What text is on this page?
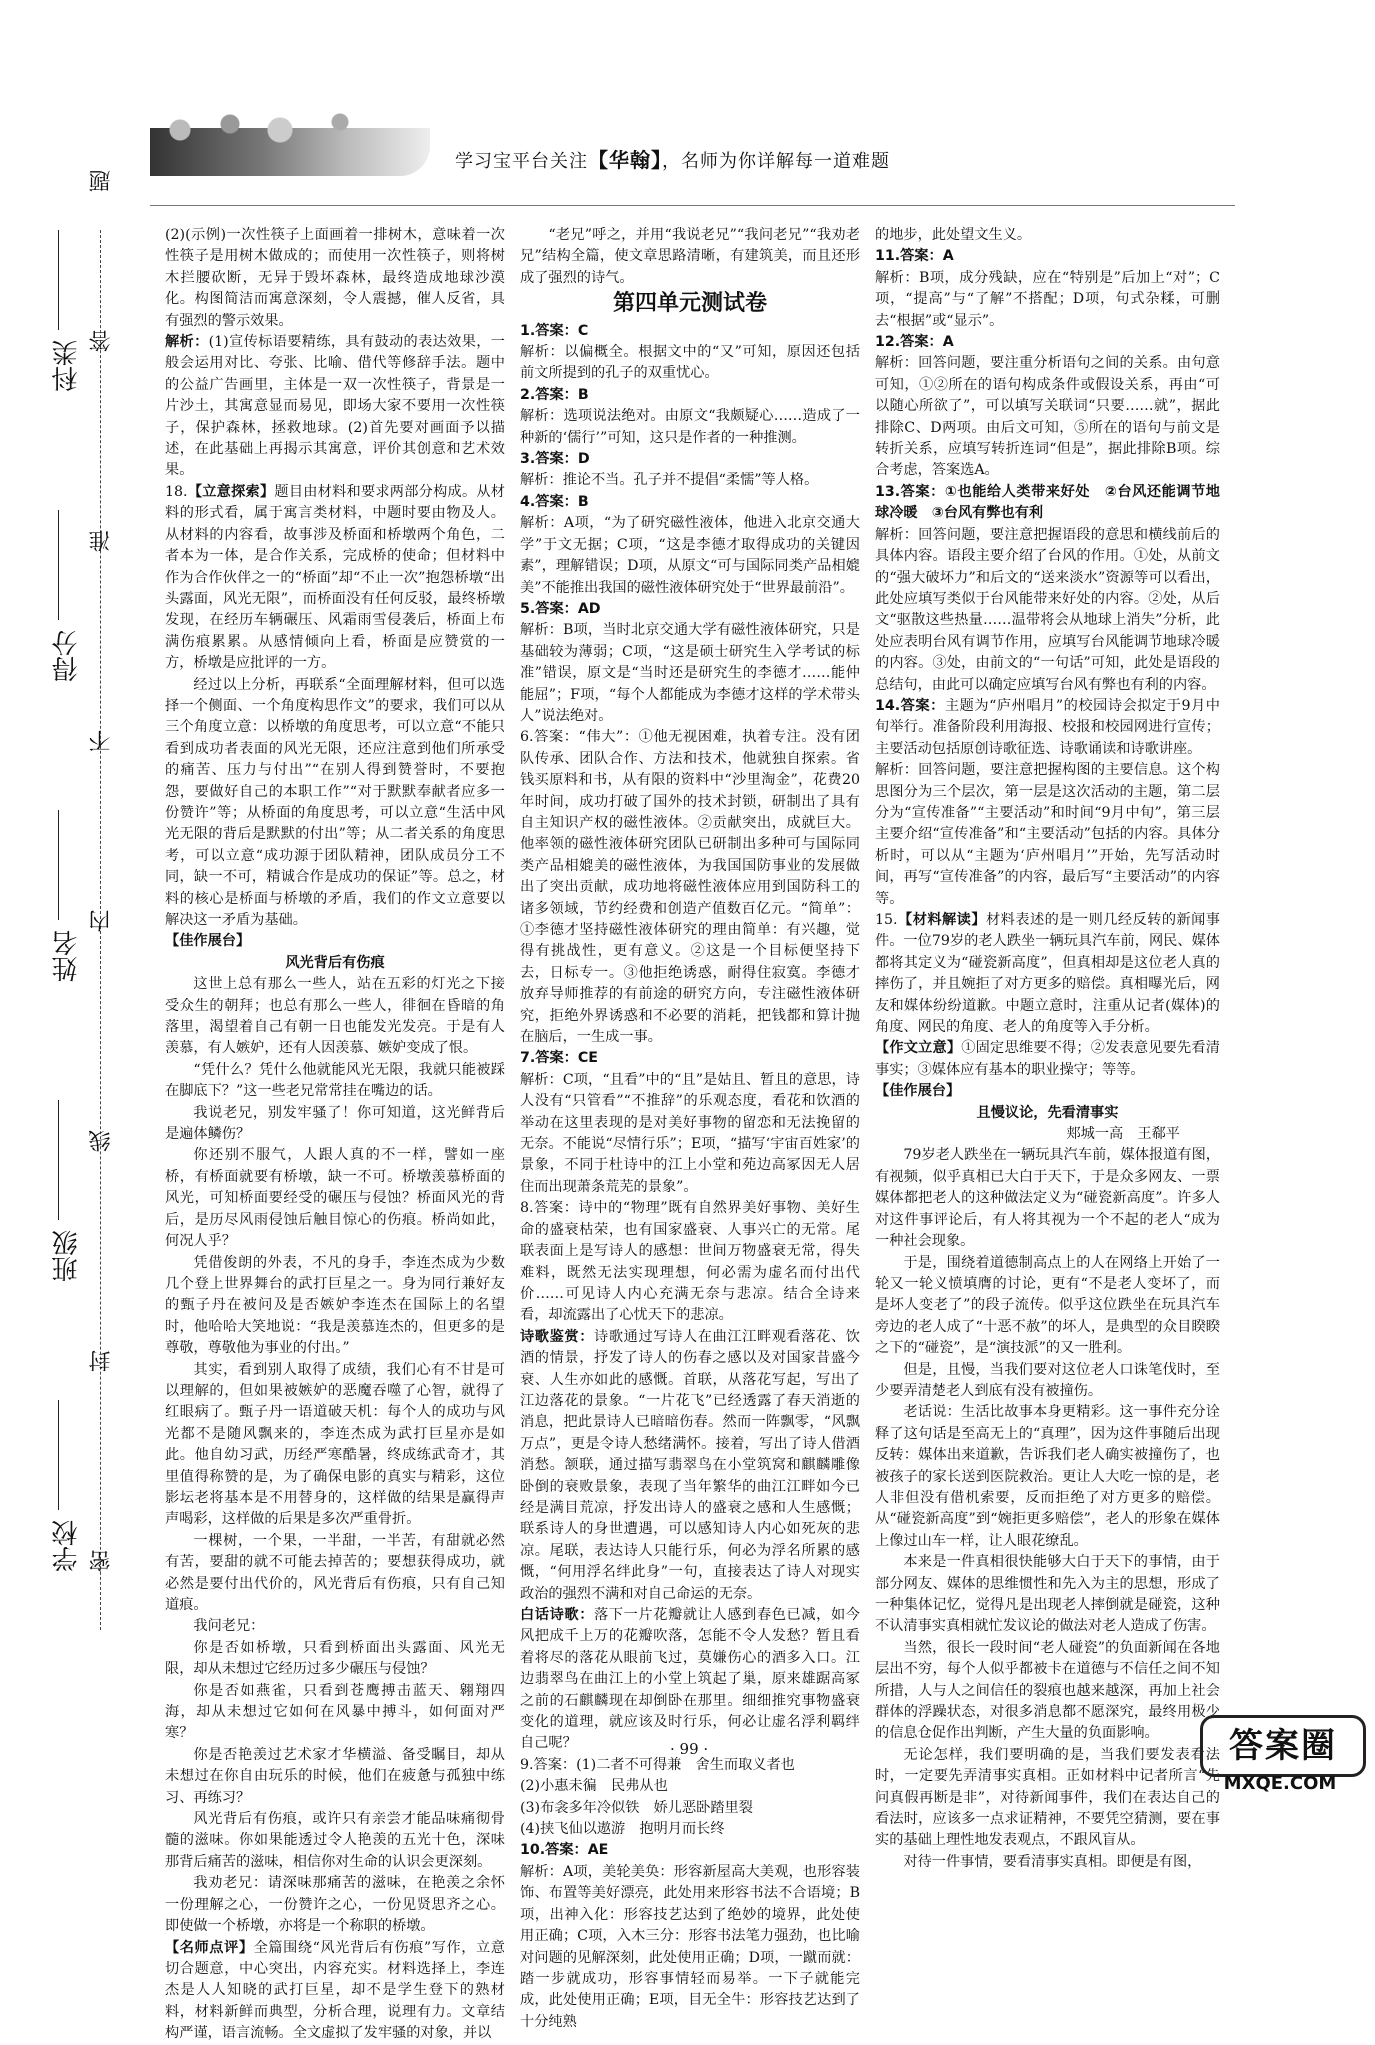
学习宝平台关注【华翰】，名师为你详解每一道难题
学校
班级
姓名
得分
科类
密
封
线
内
不
准
答
题

(2)(示例)一次性筷子上面画着一排树木，意味着一次性筷子是用树木做成的；而使用一次性筷子，则将树木拦腰砍断，无异于毁坏森林，最终造成地球沙漠化。构图简洁而寓意深刻，令人震撼，催人反省，具有强烈的警示效果。

解析：(1)宣传标语要精练，具有鼓动的表达效果，一般会运用对比、夸张、比喻、借代等修辞手法。题中的公益广告画里，主体是一双一次性筷子，背景是一片沙土，其寓意显而易见，即场大家不要用一次性筷子，保护森林，拯救地球。(2)首先要对画面予以描述，在此基础上再揭示其寓意，评价其创意和艺术效果。

18.【立意探索】题目由材料和要求两部分构成。从材料的形式看，属于寓言类材料，中题时要由物及人。从材料的内容看，故事涉及桥面和桥墩两个角色，二者本为一体，是合作关系，完成桥的使命；但材料中作为合作伙伴之一的“桥面”却“不止一次”抱怨桥墩“出头露面，风光无限”，而桥面没有任何反驳，最终桥墩发现，在经历车辆碾压、风霜雨雪侵袭后，桥面上布满伤痕累累。从感情倾向上看，桥面是应赞赏的一方，桥墩是应批评的一方。

经过以上分析，再联系“全面理解材料，但可以选择一个侧面、一个角度构思作文”的要求，我们可以从三个角度立意：以桥墩的角度思考，可以立意“不能只看到成功者表面的风光无限，还应注意到他们所承受的痛苦、压力与付出”“在别人得到赞誉时，不要抱怨，要做好自己的本职工作”“对于默默奉献者应多一份赞许”等；从桥面的角度思考，可以立意“生活中风光无限的背后是默默的付出”等；从二者关系的角度思考，可以立意“成功源于团队精神，团队成员分工不同，缺一不可，精诚合作是成功的保证”等。总之，材料的核心是桥面与桥墩的矛盾，我们的作文立意要以解决这一矛盾为基础。

【佳作展台】

风光背后有伤痕

这世上总有那么一些人，站在五彩的灯光之下接受众生的朝拜；也总有那么一些人，徘徊在昏暗的角落里，渴望着自己有朝一日也能发光发亮。于是有人羡慕，有人嫉妒，还有人因羡慕、嫉妒变成了恨。

“凭什么？凭什么他就能风光无限，我就只能被踩在脚底下？”这一些老兄常常挂在嘴边的话。

我说老兄，别发牢骚了！你可知道，这光鲜背后是遍体鳞伤？

你还别不服气，人跟人真的不一样，譬如一座桥，有桥面就要有桥墩，缺一不可。桥墩羡慕桥面的风光，可知桥面要经受的碾压与侵蚀？桥面风光的背后，是历尽风雨侵蚀后触目惊心的伤痕。桥尚如此，何况人乎？

凭借俊朗的外表，不凡的身手，李连杰成为少数几个登上世界舞台的武打巨星之一。身为同行兼好友的甄子丹在被问及是否嫉妒李连杰在国际上的名望时，他哈哈大笑地说：“我是羡慕连杰的，但更多的是尊敬，尊敬他为事业的付出。”

其实，看到别人取得了成绩，我们心有不甘是可以理解的，但如果被嫉妒的恶魔吞噬了心智，就得了红眼病了。甄子丹一语道破天机：每个人的成功与风光都不是随风飘来的，李连杰成为武打巨星亦是如此。他自幼习武，历经严寒酷暑，终成练武奇才，其里值得称赞的是，为了确保电影的真实与精彩，这位影坛老将基本是不用替身的，这样做的结果是赢得声声喝彩，这样做的后果是多次严重骨折。

一棵树，一个果，一半甜，一半苦，有甜就必然有苦，要甜的就不可能去掉苦的；要想获得成功，就必然是要付出代价的，风光背后有伤痕，只有自己知道痕。

我问老兄：

你是否如桥墩，只看到桥面出头露面、风光无限，却从未想过它经历过多少碾压与侵蚀？

你是否如燕雀，只看到苍鹰搏击蓝天、翱翔四海，却从未想过它如何在风暴中搏斗，如何面对严寒？

你是否艳羡过艺术家才华横溢、备受瞩目，却从未想过在你自由玩乐的时候，他们在疲惫与孤独中练习、再练习？

风光背后有伤痕，或许只有亲尝才能品味痛彻骨髓的滋味。你如果能透过令人艳羡的五光十色，深味那背后痛苦的滋味，相信你对生命的认识会更深刻。

我劝老兄：请深味那痛苦的滋味，在艳羡之余怀一份理解之心，一份赞许之心，一份见贤思齐之心。即使做一个桥墩，亦将是一个称职的桥墩。

【名师点评】全篇围绕“风光背后有伤痕”写作，立意切合题意，中心突出，内容充实。材料选择上，李连杰是人人知晓的武打巨星，却不是学生登下的熟材料，材料新鲜而典型，分析合理，说理有力。文章结构严谨，语言流畅。全文虚拟了发牢骚的对象，并以

“老兄”呼之，并用“我说老兄”“我问老兄”“我劝老兄”结构全篇，使文章思路清晰，有建筑美，而且还形成了强烈的诗气。

第四单元测试卷

1.答案：C

解析：以偏概全。根据文中的“又”可知，原因还包括前文所提到的孔子的双重忧心。

2.答案：B

解析：选项说法绝对。由原文“我颇疑心……造成了一种新的‘儒行’”可知，这只是作者的一种推测。

3.答案：D

解析：推论不当。孔子并不提倡“柔懦”等人格。

4.答案：B

解析：A项，“为了研究磁性液体，他进入北京交通大学”于文无据；C项，“这是李德才取得成功的关键因素”，理解错误；D项，从原文“可与国际同类产品相媲美”不能推出我国的磁性液体研究处于“世界最前沿”。

5.答案：AD

解析：B项，当时北京交通大学有磁性液体研究，只是基础较为薄弱；C项，“这是硕士研究生入学考试的标准”错误，原文是“当时还是研究生的李德才……能仲能屈”；F项，“每个人都能成为李德才这样的学术带头人”说法绝对。

6.答案：“伟大”：①他无视困难，执着专注。没有团队传承、团队合作、方法和技术，他就独自探索。省钱买原料和书，从有限的资料中“沙里淘金”，花费20年时间，成功打破了国外的技术封锁，研制出了具有自主知识产权的磁性液体。②贡献突出，成就巨大。他率领的磁性液体研究团队已研制出多种可与国际同类产品相媲美的磁性液体，为我国国防事业的发展做出了突出贡献，成功地将磁性液体应用到国防科工的诸多领域，节约经费和创造产值数百亿元。“简单”：①李德才坚持磁性液体研究的理由简单：有兴趣，觉得有挑战性，更有意义。②这是一个目标便坚持下去，日标专一。③他拒绝诱惑，耐得住寂寞。李德才放弃导师推荐的有前途的研究方向，专注磁性液体研究，拒绝外界诱惑和不必要的消耗，把钱都和算计抛在脑后，一生成一事。

7.答案：CE

解析：C项，“且看”中的“且”是姑且、暂且的意思，诗人没有“只管看”“不推辞”的乐观态度，看花和饮酒的举动在这里表现的是对美好事物的留恋和无法挽留的无奈。不能说“尽情行乐”；E项，“描写‘宇宙百姓家’的景象，不同于杜诗中的江上小堂和苑边高冢因无人居住而出现萧条荒芜的景象”。

8.答案：诗中的“物理”既有自然界美好事物、美好生命的盛衰枯荣，也有国家盛衰、人事兴亡的无常。尾联表面上是写诗人的感想：世间万物盛衰无常，得失难料，既然无法实现理想，何必需为虚名而付出代价……可见诗人内心充满无奈与悲凉。结合全诗来看，却流露出了心忧天下的悲凉。

诗歌鉴赏：诗歌通过写诗人在曲江江畔观看落花、饮酒的情景，抒发了诗人的伤春之感以及对国家昔盛今衰、人生亦如此的感慨。首联，从落花写起，写出了江边落花的景象。“一片花飞”已经透露了春天消逝的消息，把此景诗人已暗暗伤春。然而一阵飘零，“风飘万点”，更是令诗人愁绪满怀。接着，写出了诗人借酒消愁。颔联，通过描写翡翠鸟在小堂筑窝和麒麟雕像卧倒的衰败景象，表现了当年繁华的曲江江畔如今已经是满目荒凉，抒发出诗人的盛衰之感和人生感慨；联系诗人的身世遭遇，可以感知诗人内心如死灰的悲凉。尾联，表达诗人只能行乐，何必为浮名所累的感慨，“何用浮名绊此身”一句，直接表达了诗人对现实政治的强烈不满和对自己命运的无奈。

白话诗歌：落下一片花瓣就让人感到春色已减，如今风把成千上万的花瓣吹落，怎能不令人发愁？暂且看着将尽的落花从眼前飞过，莫嫌伤心的酒多入口。江边翡翠鸟在曲江上的小堂上筑起了巢，原来雄踞高冢之前的石麒麟现在却倒卧在那里。细细推究事物盛衰变化的道理，就应该及时行乐，何必让虚名浮利羁绊自己呢？

9.答案：(1)二者不可得兼　舍生而取义者也

(2)小惠未徧　民弗从也

(3)布衾多年冷似铁　娇儿恶卧踏里裂

(4)挟飞仙以遨游　抱明月而长终

10.答案：AE

解析：A项，美轮美奂：形容新屋高大美观，也形容装饰、布置等美好漂亮，此处用来形容书法不合语境；B项，出神入化：形容技艺达到了绝妙的境界，此处使用正确；C项，入木三分：形容书法笔力强劲，也比喻对问题的见解深刻，此处使用正确；D项，一蹴而就：踏一步就成功，形容事情轻而易举。一下子就能完成，此处使用正确；E项，目无全牛：形容技艺达到了十分纯熟

的地步，此处望文生义。

11.答案：A

解析：B项，成分残缺，应在“特别是”后加上“对”；C项，“提高”与“了解”不搭配；D项，句式杂糅，可删去“根据”或“显示”。

12.答案：A

解析：回答问题，要注重分析语句之间的关系。由句意可知，①②所在的语句构成条件或假设关系，再由“可以随心所欲了”，可以填写关联词“只要……就”，据此排除C、D两项。由后文可知，⑤所在的语句与前文是转折关系，应填写转折连词“但是”，据此排除B项。综合考虑，答案选A。

13.答案：①也能给人类带来好处　②台风还能调节地球冷暖　③台风有弊也有利

解析：回答问题，要注意把握语段的意思和横线前后的具体内容。语段主要介绍了台风的作用。①处，从前文的“强大破坏力”和后文的“送来淡水”资源等可以看出，此处应填写类似于台风能带来好处的内容。②处，从后文“驱散这些热量……温带将会从地球上消失”分析，此处应表明台风有调节作用，应填写台风能调节地球冷暖的内容。③处，由前文的“一句话”可知，此处是语段的总结句，由此可以确定应填写台风有弊也有利的内容。

14.答案：主题为“庐州唱月”的校园诗会拟定于9月中旬举行。准备阶段利用海报、校报和校园网进行宣传；主要活动包括原创诗歌征选、诗歌诵读和诗歌讲座。

解析：回答问题，要注意把握构图的主要信息。这个构思图分为三个层次，第一层是这次活动的主题，第二层分为“宣传准备”“主要活动”和时间“9月中旬”，第三层主要介绍“宣传准备”和“主要活动”包括的内容。具体分析时，可以从“主题为‘庐州唱月’”开始，先写活动时间，再写“宣传准备”的内容，最后写“主要活动”的内容等。

15.【材料解读】材料表述的是一则几经反转的新闻事件。一位79岁的老人跌坐一辆玩具汽车前，网民、媒体都将其定义为“碰瓷新高度”，但真相却是这位老人真的摔伤了，并且婉拒了对方更多的赔偿。真相曝光后，网友和媒体纷纷道歉。中题立意时，注重从记者(媒体)的角度、网民的角度、老人的角度等入手分析。

【作文立意】①固定思维要不得；②发表意见要先看清事实；③媒体应有基本的职业操守；等等。

【佳作展台】

且慢议论，先看清事实

郏城一高　王郗平

79岁老人跌坐在一辆玩具汽车前，媒体报道有图，有视频，似乎真相已大白于天下，于是众多网友、一票媒体都把老人的这种做法定义为“碰瓷新高度”。许多人对这件事评论后，有人将其视为一个不起的老人“成为一种社会现象。

于是，围绕着道德制高点上的人在网络上开始了一轮又一轮义愤填膺的讨论，更有“不是老人变坏了，而是坏人变老了”的段子流传。似乎这位跌坐在玩具汽车旁边的老人成了“十恶不赦”的坏人，是典型的众目睽睽之下的“碰瓷”，是“演技派”的又一胜利。

但是，且慢，当我们要对这位老人口诛笔伐时，至少要弄清楚老人到底有没有被撞伤。

老话说：生活比故事本身更精彩。这一事件充分诠释了这句话是至高无上的“真理”，因为这件事随后出现反转：媒体出来道歉，告诉我们老人确实被撞伤了，也被孩子的家长送到医院救治。更让人大吃一惊的是，老人非但没有借机索要，反而拒绝了对方更多的赔偿。从“碰瓷新高度”到“婉拒更多赔偿”，老人的形象在媒体上像过山车一样，让人眼花缭乱。

本来是一件真相很快能够大白于天下的事情，由于部分网友、媒体的思维惯性和先入为主的思想，形成了一种集体记忆，觉得凡是出现老人摔倒就是碰瓷，这种不认清事实真相就忙发议论的做法对老人造成了伤害。

当然，很长一段时间“老人碰瓷”的负面新闻在各地层出不穷，每个人似乎都被卡在道德与不信任之间不知所措，人与人之间信任的裂痕也越来越深，再加上社会群体的浮躁状态，对很多消息都不愿深究，最终用极少的信息仓促作出判断，产生大量的负面影响。

无论怎样，我们要明确的是，当我们要发表看法时，一定要先弄清事实真相。正如材料中记者所言“先问真假再断是非”，对待新闻事件，我们在表达自己的看法时，应该多一点求证精神，不要凭空猜测，要在事实的基础上理性地发表观点，不跟风盲从。

对待一件事情，要看清事实真相。即便是有图，

· 99 ·	答案圈
MXQE.COM
